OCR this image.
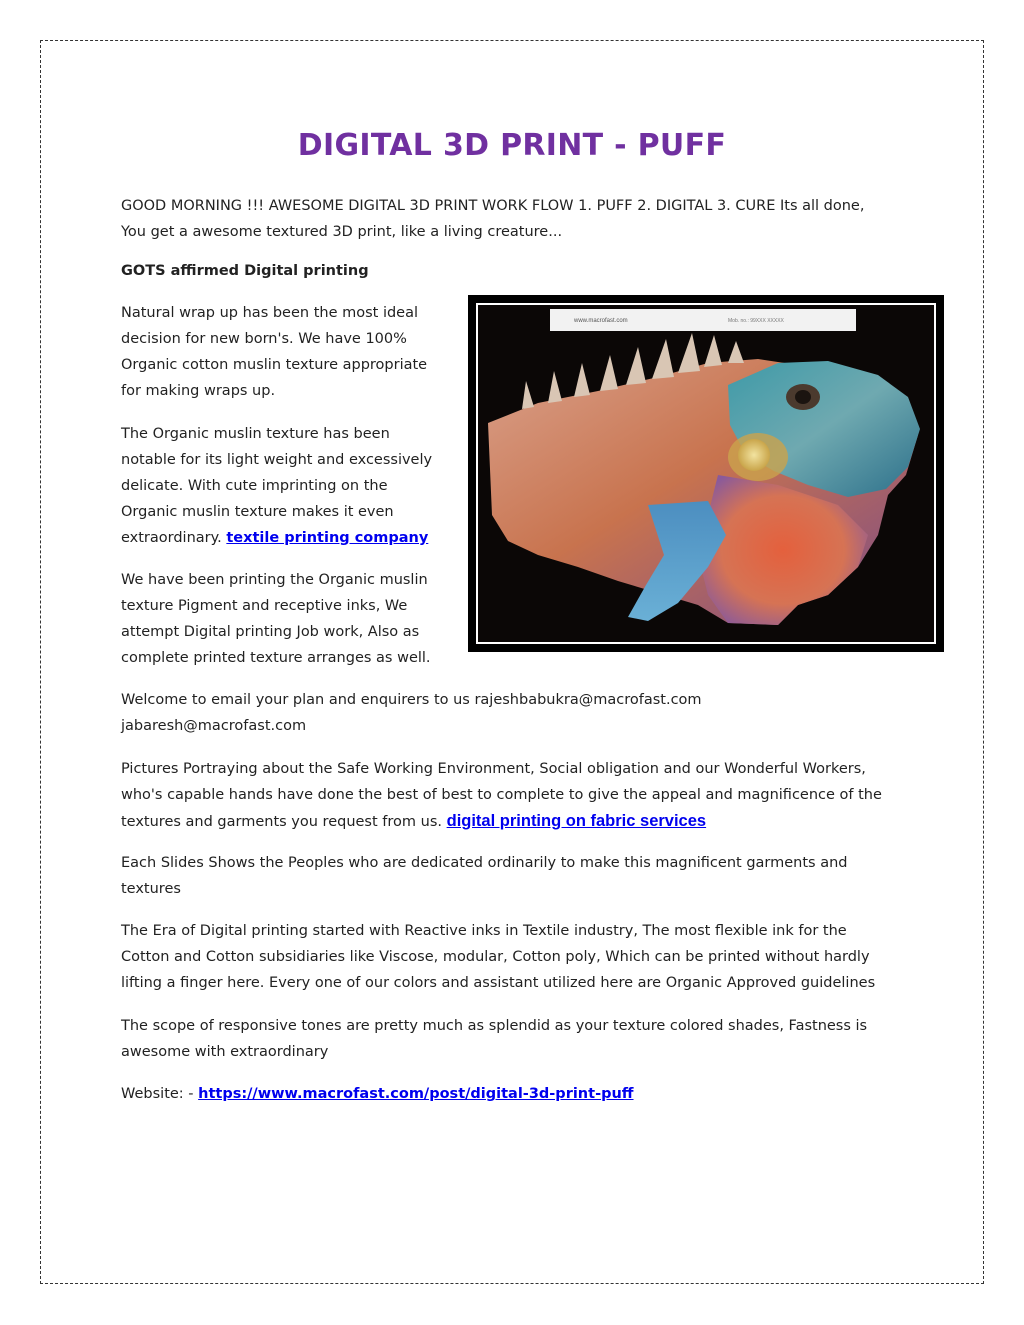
DIGITAL 3D PRINT - PUFF

GOOD MORNING !!! AWESOME DIGITAL 3D PRINT WORK FLOW 1. PUFF 2. DIGITAL 3. CURE Its all done,
You get a awesome textured 3D print, like a living creature...

GOTS affirmed Digital printing

Natural wrap up has been the most ideal
decision for new born's. We have 100%
Organic cotton muslin texture appropriate
for making wraps up.

The Organic muslin texture has been
notable for its light weight and excessively
delicate. With cute imprinting on the
Organic muslin texture makes it even
extraordinary. textile printing company

We have been printing the Organic muslin
texture Pigment and receptive inks, We
attempt Digital printing Job work, Also as
complete printed texture arranges as well.

www.macrofast.com	Mob. no.: 99XXX XXXXX

Welcome to email your plan and enquirers to us rajeshbabukra@macrofast.com
jabaresh@macrofast.com

Pictures Portraying about the Safe Working Environment, Social obligation and our Wonderful Workers,
who's capable hands have done the best of best to complete to give the appeal and magnificence of the
textures and garments you request from us. digital printing on fabric services

Each Slides Shows the Peoples who are dedicated ordinarily to make this magnificent garments and
textures

The Era of Digital printing started with Reactive inks in Textile industry, The most flexible ink for the
Cotton and Cotton subsidiaries like Viscose, modular, Cotton poly, Which can be printed without hardly
lifting a finger here. Every one of our colors and assistant utilized here are Organic Approved guidelines

The scope of responsive tones are pretty much as splendid as your texture colored shades, Fastness is
awesome with extraordinary

Website: - https://www.macrofast.com/post/digital-3d-print-puff
